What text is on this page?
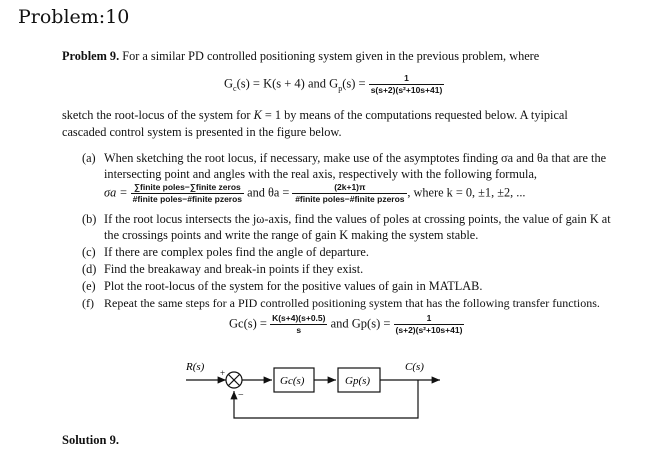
Problem:10
Problem 9. For a similar PD controlled positioning system given in the previous problem, where
$G_c(s) = K(s + 4)$ and $G_p(s) = \frac{1}{\text{s(s+2)(s²+10s+41)}}$
sketch the root-locus of the system for K = 1 by means of the computations requested below. A tyipical
cascaded control system is presented in the figure below.
(a) When sketching the root locus, if necessary, make use of the asymptotes finding σa and θa that are the
intersecting point and angles with the real axis, respectively with the following formula,
$\sigma a = \frac{\text{∑finite poles−∑finite zeros}}{\text{\#finite poles−\#finite pzeros}}$ and $\theta a = \frac{(2k+1)\pi}{\text{\#finite poles−\#finite pzeros}}$ , where k = 0, ±1, ±2, ...
(b) If the root locus intersects the jω-axis, find the values of poles at crossing points, the value of gain K at
the crossings points and write the range of gain K making the system stable.
(c) If there are complex poles find the angle of departure.
(d) Find the breakaway and break-in points if they exist.
(e) Plot the root-locus of the system for the positive values of gain in MATLAB.
(f) Repeat the same steps for a PID controlled positioning system that has the following transfer functions.
$Gc(s) = \frac{K(s+4)(s+0.5)}{s}$ and $Gp(s) = \frac{1}{\text{(s+2)(s²+10s+41)}}$
R(s)	C(s)
+
−
Gc(s)	Gp(s)
Solution 9.
